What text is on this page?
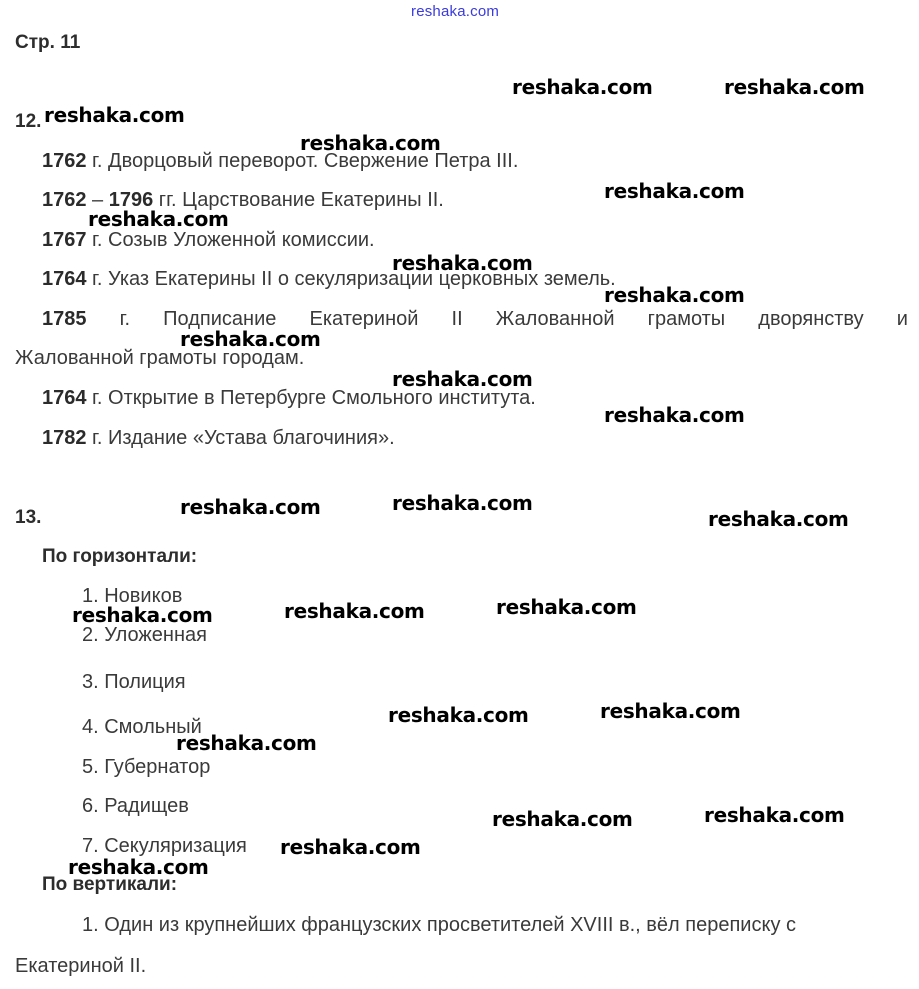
reshaka.com
Стр. 11
12.
1762 г. Дворцовый переворот. Свержение Петра III.
1762 – 1796 гг. Царствование Екатерины II.
1767 г. Созыв Уложенной комиссии.
1764 г. Указ Екатерины II о секуляризации церковных земель.
1785 г. Подписание Екатериной II Жалованной грамоты дворянству и
Жалованной грамоты городам.
1764 г. Открытие в Петербурге Смольного института.
1782 г. Издание «Устава благочиния».
13.
По горизонтали:
1. Новиков
2. Уложенная
3. Полиция
4. Смольный
5. Губернатор
6. Радищев
7. Секуляризация
По вертикали:
1. Один из крупнейших французских просветителей XVIII в., вёл переписку с
Екатериной II.
reshaka.com	reshaka.com
reshaka.com
reshaka.com
reshaka.com
reshaka.com
reshaka.com
reshaka.com
reshaka.com
reshaka.com
reshaka.com
reshaka.com	reshaka.com
reshaka.com
reshaka.com	reshaka.com	reshaka.com
reshaka.com	reshaka.com
reshaka.com
reshaka.com	reshaka.com
reshaka.com
reshaka.com
